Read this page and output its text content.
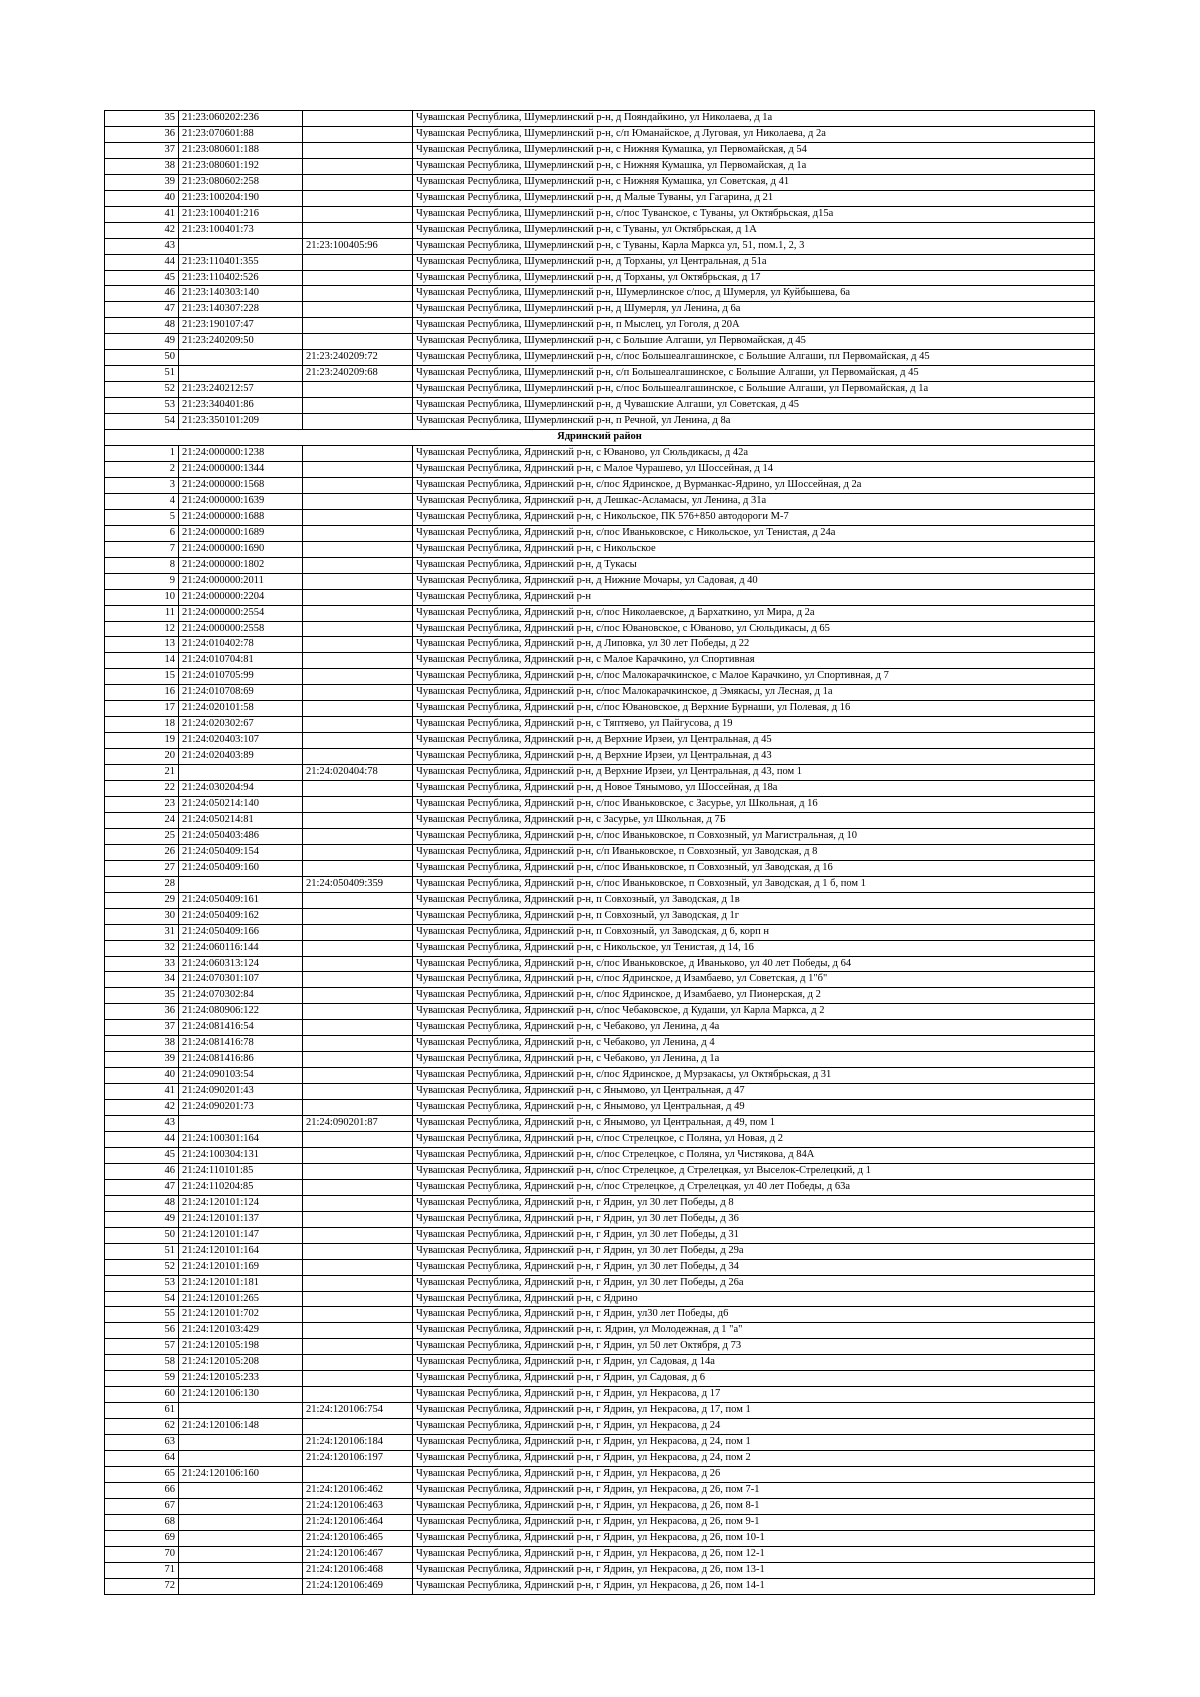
35	21:23:060202:236		Чувашская Республика, Шумерлинский р-н, д Пояндайкино, ул Николаева, д 1а
36	21:23:070601:88		Чувашская Республика, Шумерлинский р-н, с/п Юманайское, д Луговая, ул Николаева, д 2а
37	21:23:080601:188		Чувашская Республика, Шумерлинский р-н, с Нижняя Кумашка, ул Первомайская, д 54
38	21:23:080601:192		Чувашская Республика, Шумерлинский р-н, с Нижняя Кумашка, ул Первомайская, д 1а
39	21:23:080602:258		Чувашская Республика, Шумерлинский р-н, с Нижняя Кумашка, ул Советская, д 41
40	21:23:100204:190		Чувашская Республика, Шумерлинский р-н, д Малые Туваны, ул Гагарина, д 21
41	21:23:100401:216		Чувашская Республика, Шумерлинский р-н, с/пос Туванское, с Туваны, ул Октябрьская, д15а
42	21:23:100401:73		Чувашская Республика, Шумерлинский р-н, с Туваны, ул Октябрьская, д 1А
43		21:23:100405:96	Чувашская Республика, Шумерлинский р-н, с Туваны, Карла Маркса ул, 51, пом.1, 2, 3
44	21:23:110401:355		Чувашская Республика, Шумерлинский р-н, д Торханы, ул Центральная, д 51а
45	21:23:110402:526		Чувашская Республика, Шумерлинский р-н, д Торханы, ул Октябрьская, д 17
46	21:23:140303:140		Чувашская Республика, Шумерлинский р-н, Шумерлинское с/пос, д Шумерля, ул Куйбышева, 6а
47	21:23:140307:228		Чувашская Республика, Шумерлинский р-н, д Шумерля, ул Ленина, д 6а
48	21:23:190107:47		Чувашская Республика, Шумерлинский р-н, п Мыслец, ул Гоголя, д 20А
49	21:23:240209:50		Чувашская Республика, Шумерлинский р-н, с Большие Алгаши, ул Первомайская, д 45
50		21:23:240209:72	Чувашская Республика, Шумерлинский р-н, с/пос Большеалгашинское, с Большие Алгаши, пл Первомайская, д 45
51		21:23:240209:68	Чувашская Республика, Шумерлинский р-н, с/п Большеалгашинское, с Большие Алгаши, ул Первомайская, д 45
52	21:23:240212:57		Чувашская Республика, Шумерлинский р-н, с/пос Большеалгашинское, с Большие Алгаши, ул Первомайская, д 1а
53	21:23:340401:86		Чувашская Республика, Шумерлинский р-н, д Чувашские Алгаши, ул Советская, д 45
54	21:23:350101:209		Чувашская Республика, Шумерлинский р-н, п Речной, ул Ленина, д 8а
Ядринский район			
1	21:24:000000:1238		Чувашская Республика, Ядринский р-н, с Юваново, ул Сюльдикасы, д 42а
2	21:24:000000:1344		Чувашская Республика, Ядринский р-н, с Малое Чурашево, ул Шоссейная, д 14
3	21:24:000000:1568		Чувашская Республика, Ядринский р-н, с/пос Ядринское, д Вурманкас-Ядрино, ул Шоссейная, д 2а
4	21:24:000000:1639		Чувашская Республика, Ядринский р-н, д Лешкас-Асламасы, ул Ленина, д 31а
5	21:24:000000:1688		Чувашская Республика, Ядринский р-н, с Никольское, ПК 576+850 автодороги М-7
6	21:24:000000:1689		Чувашская Республика, Ядринский р-н, с/пос Иваньковское, с Никольское, ул Тенистая, д 24а
7	21:24:000000:1690		Чувашская Республика, Ядринский р-н, с Никольское
8	21:24:000000:1802		Чувашская Республика, Ядринский р-н, д Тукасы
9	21:24:000000:2011		Чувашская Республика, Ядринский р-н, д Нижние Мочары, ул Садовая, д 40
10	21:24:000000:2204		Чувашская Республика, Ядринский р-н
11	21:24:000000:2554		Чувашская Республика, Ядринский р-н, с/пос Николаевское, д Бархаткино, ул Мира, д 2а
12	21:24:000000:2558		Чувашская Республика, Ядринский р-н, с/пос Ювановское, с Юваново, ул Сюльдикасы, д 65
13	21:24:010402:78		Чувашская Республика, Ядринский р-н, д Липовка, ул 30 лет Победы, д 22
14	21:24:010704:81		Чувашская Республика, Ядринский р-н, с Малое Карачкино, ул Спортивная
15	21:24:010705:99		Чувашская Республика, Ядринский р-н, с/пос Малокарачкинское, с Малое Карачкино, ул Спортивная, д 7
16	21:24:010708:69		Чувашская Республика, Ядринский р-н, с/пос Малокарачкинское, д Эмякасы, ул Лесная, д 1а
17	21:24:020101:58		Чувашская Республика, Ядринский р-н, с/пос Ювановское, д Верхние Бурнаши, ул Полевая, д 16
18	21:24:020302:67		Чувашская Республика, Ядринский р-н, с Тяптяево, ул Пайгусова, д 19
19	21:24:020403:107		Чувашская Республика, Ядринский р-н, д Верхние Ирзеи, ул Центральная, д 45
20	21:24:020403:89		Чувашская Республика, Ядринский р-н, д Верхние Ирзеи, ул Центральная, д 43
21		21:24:020404:78	Чувашская Республика, Ядринский р-н, д Верхние Ирзеи, ул Центральная, д 43, пом 1
22	21:24:030204:94		Чувашская Республика, Ядринский р-н, д Новое Тянымово, ул Шоссейная, д 18а
23	21:24:050214:140		Чувашская Республика, Ядринский р-н, с/пос Иваньковское, с Засурье, ул Школьная, д 16
24	21:24:050214:81		Чувашская Республика, Ядринский р-н, с Засурье, ул Школьная, д 7Б
25	21:24:050403:486		Чувашская Республика, Ядринский р-н, с/пос Иваньковское, п Совхозный, ул Магистральная, д 10
26	21:24:050409:154		Чувашская Республика, Ядринский р-н, с/п Иваньковское, п Совхозный, ул Заводская, д 8
27	21:24:050409:160		Чувашская Республика, Ядринский р-н, с/пос Иваньковское, п Совхозный, ул Заводская, д 16
28		21:24:050409:359	Чувашская Республика, Ядринский р-н, с/пос Иваньковское, п Совхозный, ул Заводская, д 1 б, пом 1
29	21:24:050409:161		Чувашская Республика, Ядринский р-н, п Совхозный, ул Заводская, д 1в
30	21:24:050409:162		Чувашская Республика, Ядринский р-н, п Совхозный, ул Заводская, д 1г
31	21:24:050409:166		Чувашская Республика, Ядринский р-н, п Совхозный, ул Заводская, д 6, корп н
32	21:24:060116:144		Чувашская Республика, Ядринский р-н, с Никольское, ул Тенистая, д 14, 16
33	21:24:060313:124		Чувашская Республика, Ядринский р-н, с/пос Иваньковское, д Иваньково, ул 40 лет Победы, д 64
34	21:24:070301:107		Чувашская Республика, Ядринский р-н, с/пос Ядринское, д Изамбаево, ул Советская, д 1"б"
35	21:24:070302:84		Чувашская Республика, Ядринский р-н, с/пос Ядринское, д Изамбаево, ул Пионерская, д 2
36	21:24:080906:122		Чувашская Республика, Ядринский р-н, с/пос Чебаковское, д Кудаши, ул Карла Маркса, д 2
37	21:24:081416:54		Чувашская Республика, Ядринский р-н, с Чебаково, ул Ленина, д 4а
38	21:24:081416:78		Чувашская Республика, Ядринский р-н, с Чебаково, ул Ленина, д 4
39	21:24:081416:86		Чувашская Республика, Ядринский р-н, с Чебаково, ул Ленина, д 1а
40	21:24:090103:54		Чувашская Республика, Ядринский р-н, с/пос Ядринское, д Мурзакасы, ул Октябрьская, д 31
41	21:24:090201:43		Чувашская Республика, Ядринский р-н, с Янымово, ул Центральная, д 47
42	21:24:090201:73		Чувашская Республика, Ядринский р-н, с Янымово, ул Центральная, д 49
43		21:24:090201:87	Чувашская Республика, Ядринский р-н, с Янымово, ул Центральная, д 49, пом 1
44	21:24:100301:164		Чувашская Республика, Ядринский р-н, с/пос Стрелецкое, с Поляна, ул Новая, д 2
45	21:24:100304:131		Чувашская Республика, Ядринский р-н, с/пос Стрелецкое, с Поляна, ул Чистякова, д 84А
46	21:24:110101:85		Чувашская Республика, Ядринский р-н, с/пос Стрелецкое, д Стрелецкая, ул Выселок-Стрелецкий, д 1
47	21:24:110204:85		Чувашская Республика, Ядринский р-н, с/пос Стрелецкое, д Стрелецкая, ул 40 лет Победы, д 63а
48	21:24:120101:124		Чувашская Республика, Ядринский р-н, г Ядрин, ул 30 лет Победы, д 8
49	21:24:120101:137		Чувашская Республика, Ядринский р-н, г Ядрин, ул 30 лет Победы, д 36
50	21:24:120101:147		Чувашская Республика, Ядринский р-н, г Ядрин, ул 30 лет Победы, д 31
51	21:24:120101:164		Чувашская Республика, Ядринский р-н, г Ядрин, ул 30 лет Победы, д 29а
52	21:24:120101:169		Чувашская Республика, Ядринский р-н, г Ядрин, ул 30 лет Победы, д 34
53	21:24:120101:181		Чувашская Республика, Ядринский р-н, г Ядрин, ул 30 лет Победы, д 26а
54	21:24:120101:265		Чувашская Республика, Ядринский р-н, с Ядрино
55	21:24:120101:702		Чувашская Республика, Ядринский р-н, г Ядрин, ул30 лет Победы, д6
56	21:24:120103:429		Чувашская Республика, Ядринский р-н, г. Ядрин, ул Молодежная, д 1 "а"
57	21:24:120105:198		Чувашская Республика, Ядринский р-н, г Ядрин, ул 50 лет Октября, д 73
58	21:24:120105:208		Чувашская Республика, Ядринский р-н, г Ядрин, ул Садовая, д 14а
59	21:24:120105:233		Чувашская Республика, Ядринский р-н, г Ядрин, ул Садовая, д 6
60	21:24:120106:130		Чувашская Республика, Ядринский р-н, г Ядрин, ул Некрасова, д 17
61		21:24:120106:754	Чувашская Республика, Ядринский р-н, г Ядрин, ул Некрасова, д 17, пом 1
62	21:24:120106:148		Чувашская Республика, Ядринский р-н, г Ядрин, ул Некрасова, д 24
63		21:24:120106:184	Чувашская Республика, Ядринский р-н, г Ядрин, ул Некрасова, д 24, пом 1
64		21:24:120106:197	Чувашская Республика, Ядринский р-н, г Ядрин, ул Некрасова, д 24, пом 2
65	21:24:120106:160		Чувашская Республика, Ядринский р-н, г Ядрин, ул Некрасова, д 26
66		21:24:120106:462	Чувашская Республика, Ядринский р-н, г Ядрин, ул Некрасова, д 26, пом 7-1
67		21:24:120106:463	Чувашская Республика, Ядринский р-н, г Ядрин, ул Некрасова, д 26, пом 8-1
68		21:24:120106:464	Чувашская Республика, Ядринский р-н, г Ядрин, ул Некрасова, д 26, пом 9-1
69		21:24:120106:465	Чувашская Республика, Ядринский р-н, г Ядрин, ул Некрасова, д 26, пом 10-1
70		21:24:120106:467	Чувашская Республика, Ядринский р-н, г Ядрин, ул Некрасова, д 26, пом 12-1
71		21:24:120106:468	Чувашская Республика, Ядринский р-н, г Ядрин, ул Некрасова, д 26, пом 13-1
72		21:24:120106:469	Чувашская Республика, Ядринский р-н, г Ядрин, ул Некрасова, д 26, пом 14-1
